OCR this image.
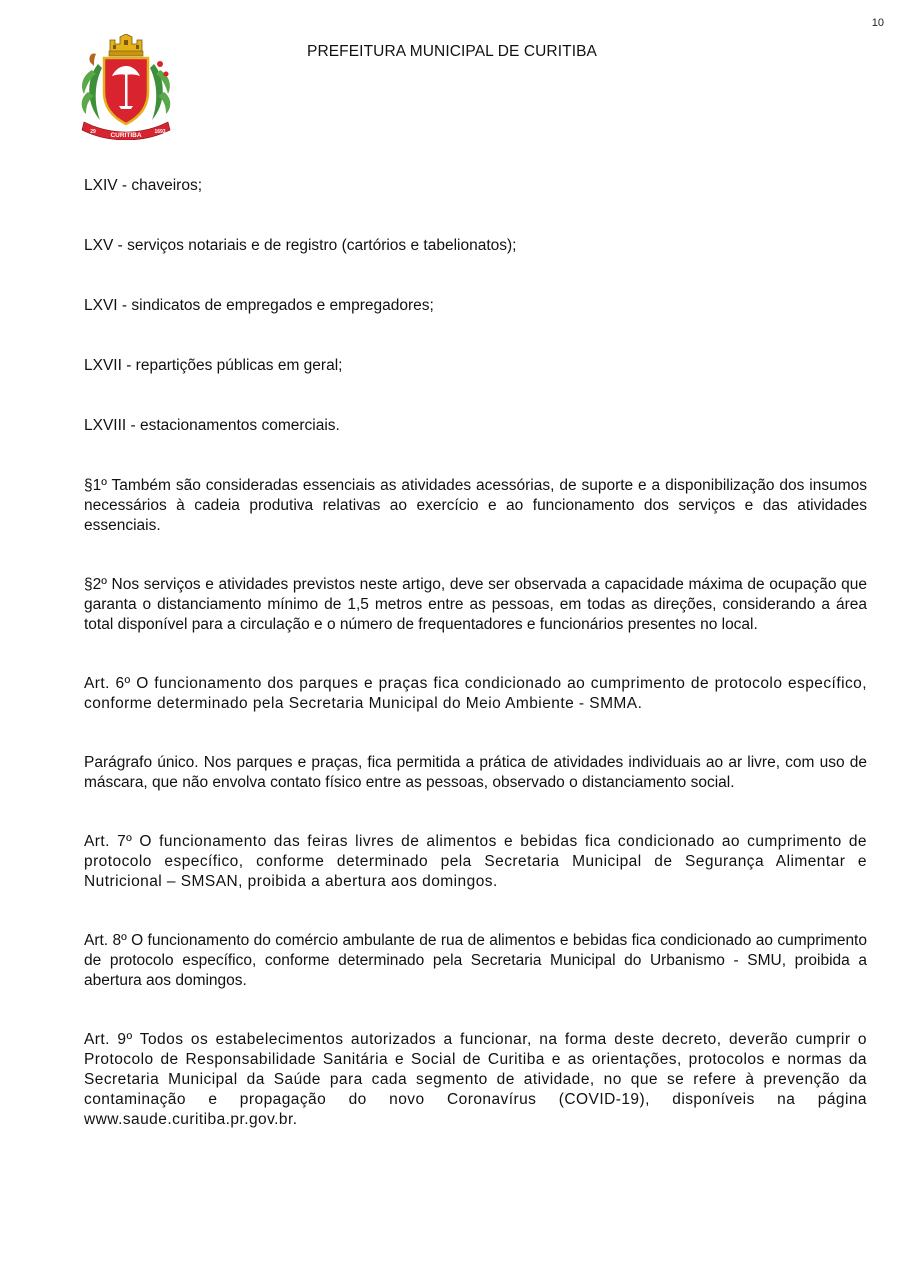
10
CURITIBA
29	1693
PREFEITURA MUNICIPAL DE CURITIBA

LXIV - chaveiros;

LXV - serviços notariais e de registro (cartórios e tabelionatos);

LXVI - sindicatos de empregados e empregadores;

LXVII - repartições públicas em geral;

LXVIII - estacionamentos comerciais.

§1º Também são consideradas essenciais as atividades acessórias, de suporte e a disponibilização dos insumos necessários à cadeia produtiva relativas ao exercício e ao funcionamento dos serviços e das atividades essenciais.

§2º Nos serviços e atividades previstos neste artigo, deve ser observada a capacidade máxima de ocupação que garanta o distanciamento mínimo de 1,5 metros entre as pessoas, em todas as direções, considerando a área total disponível para a circulação e o número de frequentadores e funcionários presentes no local.

Art. 6º O funcionamento dos parques e praças fica condicionado ao cumprimento de protocolo específico, conforme determinado pela Secretaria Municipal do Meio Ambiente - SMMA.

Parágrafo único. Nos parques e praças, fica permitida a prática de atividades individuais ao ar livre, com uso de máscara, que não envolva contato físico entre as pessoas, observado o distanciamento social.

Art. 7º O funcionamento das feiras livres de alimentos e bebidas fica condicionado ao cumprimento de protocolo específico, conforme determinado pela Secretaria Municipal de Segurança Alimentar e Nutricional – SMSAN, proibida a abertura aos domingos.

Art. 8º O funcionamento do comércio ambulante de rua de alimentos e bebidas fica condicionado ao cumprimento de protocolo específico, conforme determinado pela Secretaria Municipal do Urbanismo - SMU, proibida a abertura aos domingos.

Art. 9º Todos os estabelecimentos autorizados a funcionar, na forma deste decreto, deverão cumprir o Protocolo de Responsabilidade Sanitária e Social de Curitiba e as orientações, protocolos e normas da Secretaria Municipal da Saúde para cada segmento de atividade, no que se refere à prevenção da contaminação e propagação do novo Coronavírus (COVID-19), disponíveis na página www.saude.curitiba.pr.gov.br.
